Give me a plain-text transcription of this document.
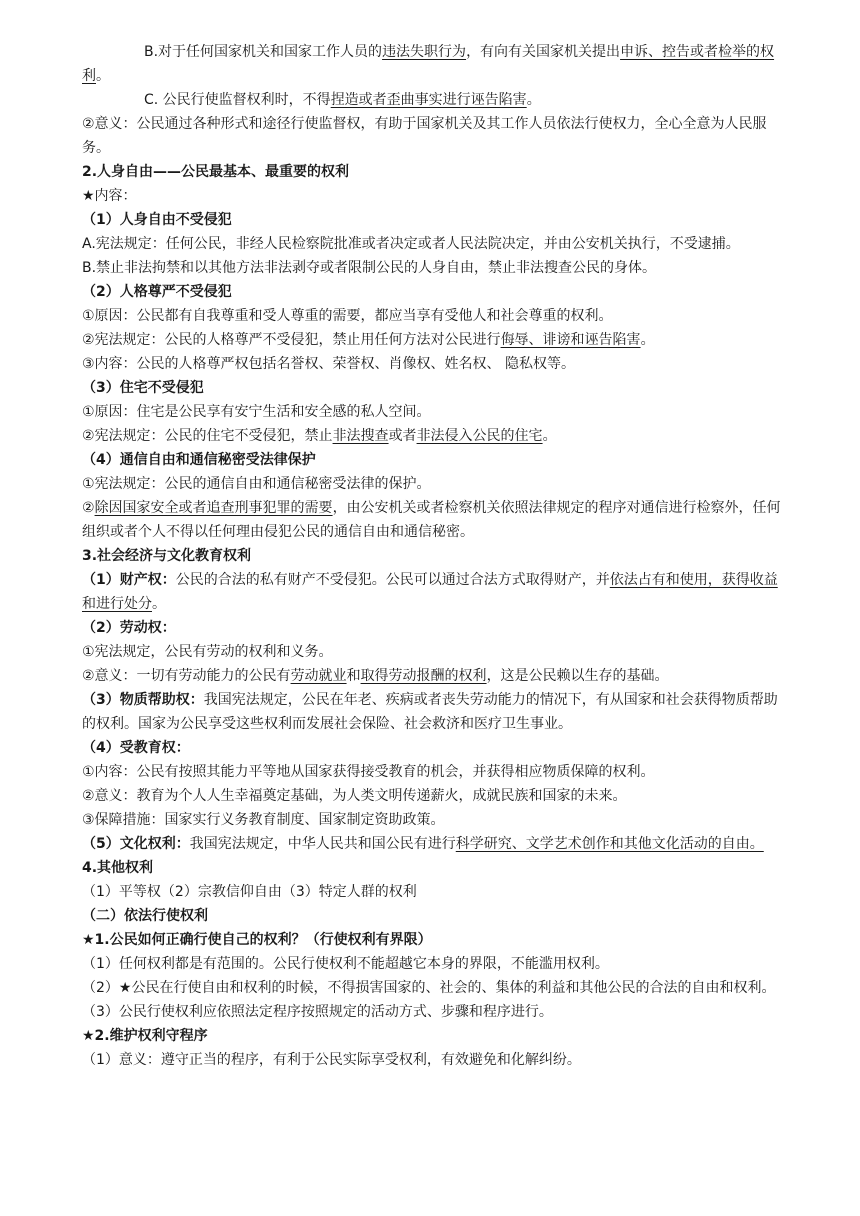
B.对于任何国家机关和国家工作人员的违法失职行为，有向有关国家机关提出申诉、控告或者检举的权利。

C. 公民行使监督权利时，不得捏造或者歪曲事实进行诬告陷害。

②意义：公民通过各种形式和途径行使监督权，有助于国家机关及其工作人员依法行使权力，全心全意为人民服务。

2.人身自由——公民最基本、最重要的权利

★内容：

（1）人身自由不受侵犯

A.宪法规定：任何公民，非经人民检察院批准或者决定或者人民法院决定，并由公安机关执行，不受逮捕。

B.禁止非法拘禁和以其他方法非法剥夺或者限制公民的人身自由，禁止非法搜查公民的身体。

（2）人格尊严不受侵犯

①原因：公民都有自我尊重和受人尊重的需要，都应当享有受他人和社会尊重的权利。

②宪法规定：公民的人格尊严不受侵犯，禁止用任何方法对公民进行侮辱、诽谤和诬告陷害。

③内容：公民的人格尊严权包括名誉权、荣誉权、肖像权、姓名权、 隐私权等。

（3）住宅不受侵犯

①原因：住宅是公民享有安宁生活和安全感的私人空间。

②宪法规定：公民的住宅不受侵犯，禁止非法搜查或者非法侵入公民的住宅。

（4）通信自由和通信秘密受法律保护

①宪法规定：公民的通信自由和通信秘密受法律的保护。

②除因国家安全或者追查刑事犯罪的需要，由公安机关或者检察机关依照法律规定的程序对通信进行检察外，任何组织或者个人不得以任何理由侵犯公民的通信自由和通信秘密。

3.社会经济与文化教育权利

（1）财产权：公民的合法的私有财产不受侵犯。公民可以通过合法方式取得财产，并依法占有和使用，获得收益和进行处分。

（2）劳动权：

①宪法规定，公民有劳动的权利和义务。

②意义：一切有劳动能力的公民有劳动就业和取得劳动报酬的权利，这是公民赖以生存的基础。

（3）物质帮助权：我国宪法规定，公民在年老、疾病或者丧失劳动能力的情况下，有从国家和社会获得物质帮助的权利。国家为公民享受这些权利而发展社会保险、社会救济和医疗卫生事业。

（4）受教育权：

①内容：公民有按照其能力平等地从国家获得接受教育的机会，并获得相应物质保障的权利。

②意义：教育为个人人生幸福奠定基础，为人类文明传递薪火，成就民族和国家的未来。

③保障措施：国家实行义务教育制度、国家制定资助政策。

（5）文化权利：我国宪法规定，中华人民共和国公民有进行科学研究、文学艺术创作和其他文化活动的自由。

4.其他权利

（1）平等权（2）宗教信仰自由（3）特定人群的权利

（二）依法行使权利

★1.公民如何正确行使自己的权利？（行使权利有界限）

（1）任何权利都是有范围的。公民行使权利不能超越它本身的界限，不能滥用权利。

（2）★公民在行使自由和权利的时候，不得损害国家的、社会的、集体的利益和其他公民的合法的自由和权利。

（3）公民行使权利应依照法定程序按照规定的活动方式、步骤和程序进行。

★2.维护权利守程序

（1）意义：遵守正当的程序，有利于公民实际享受权利，有效避免和化解纠纷。
